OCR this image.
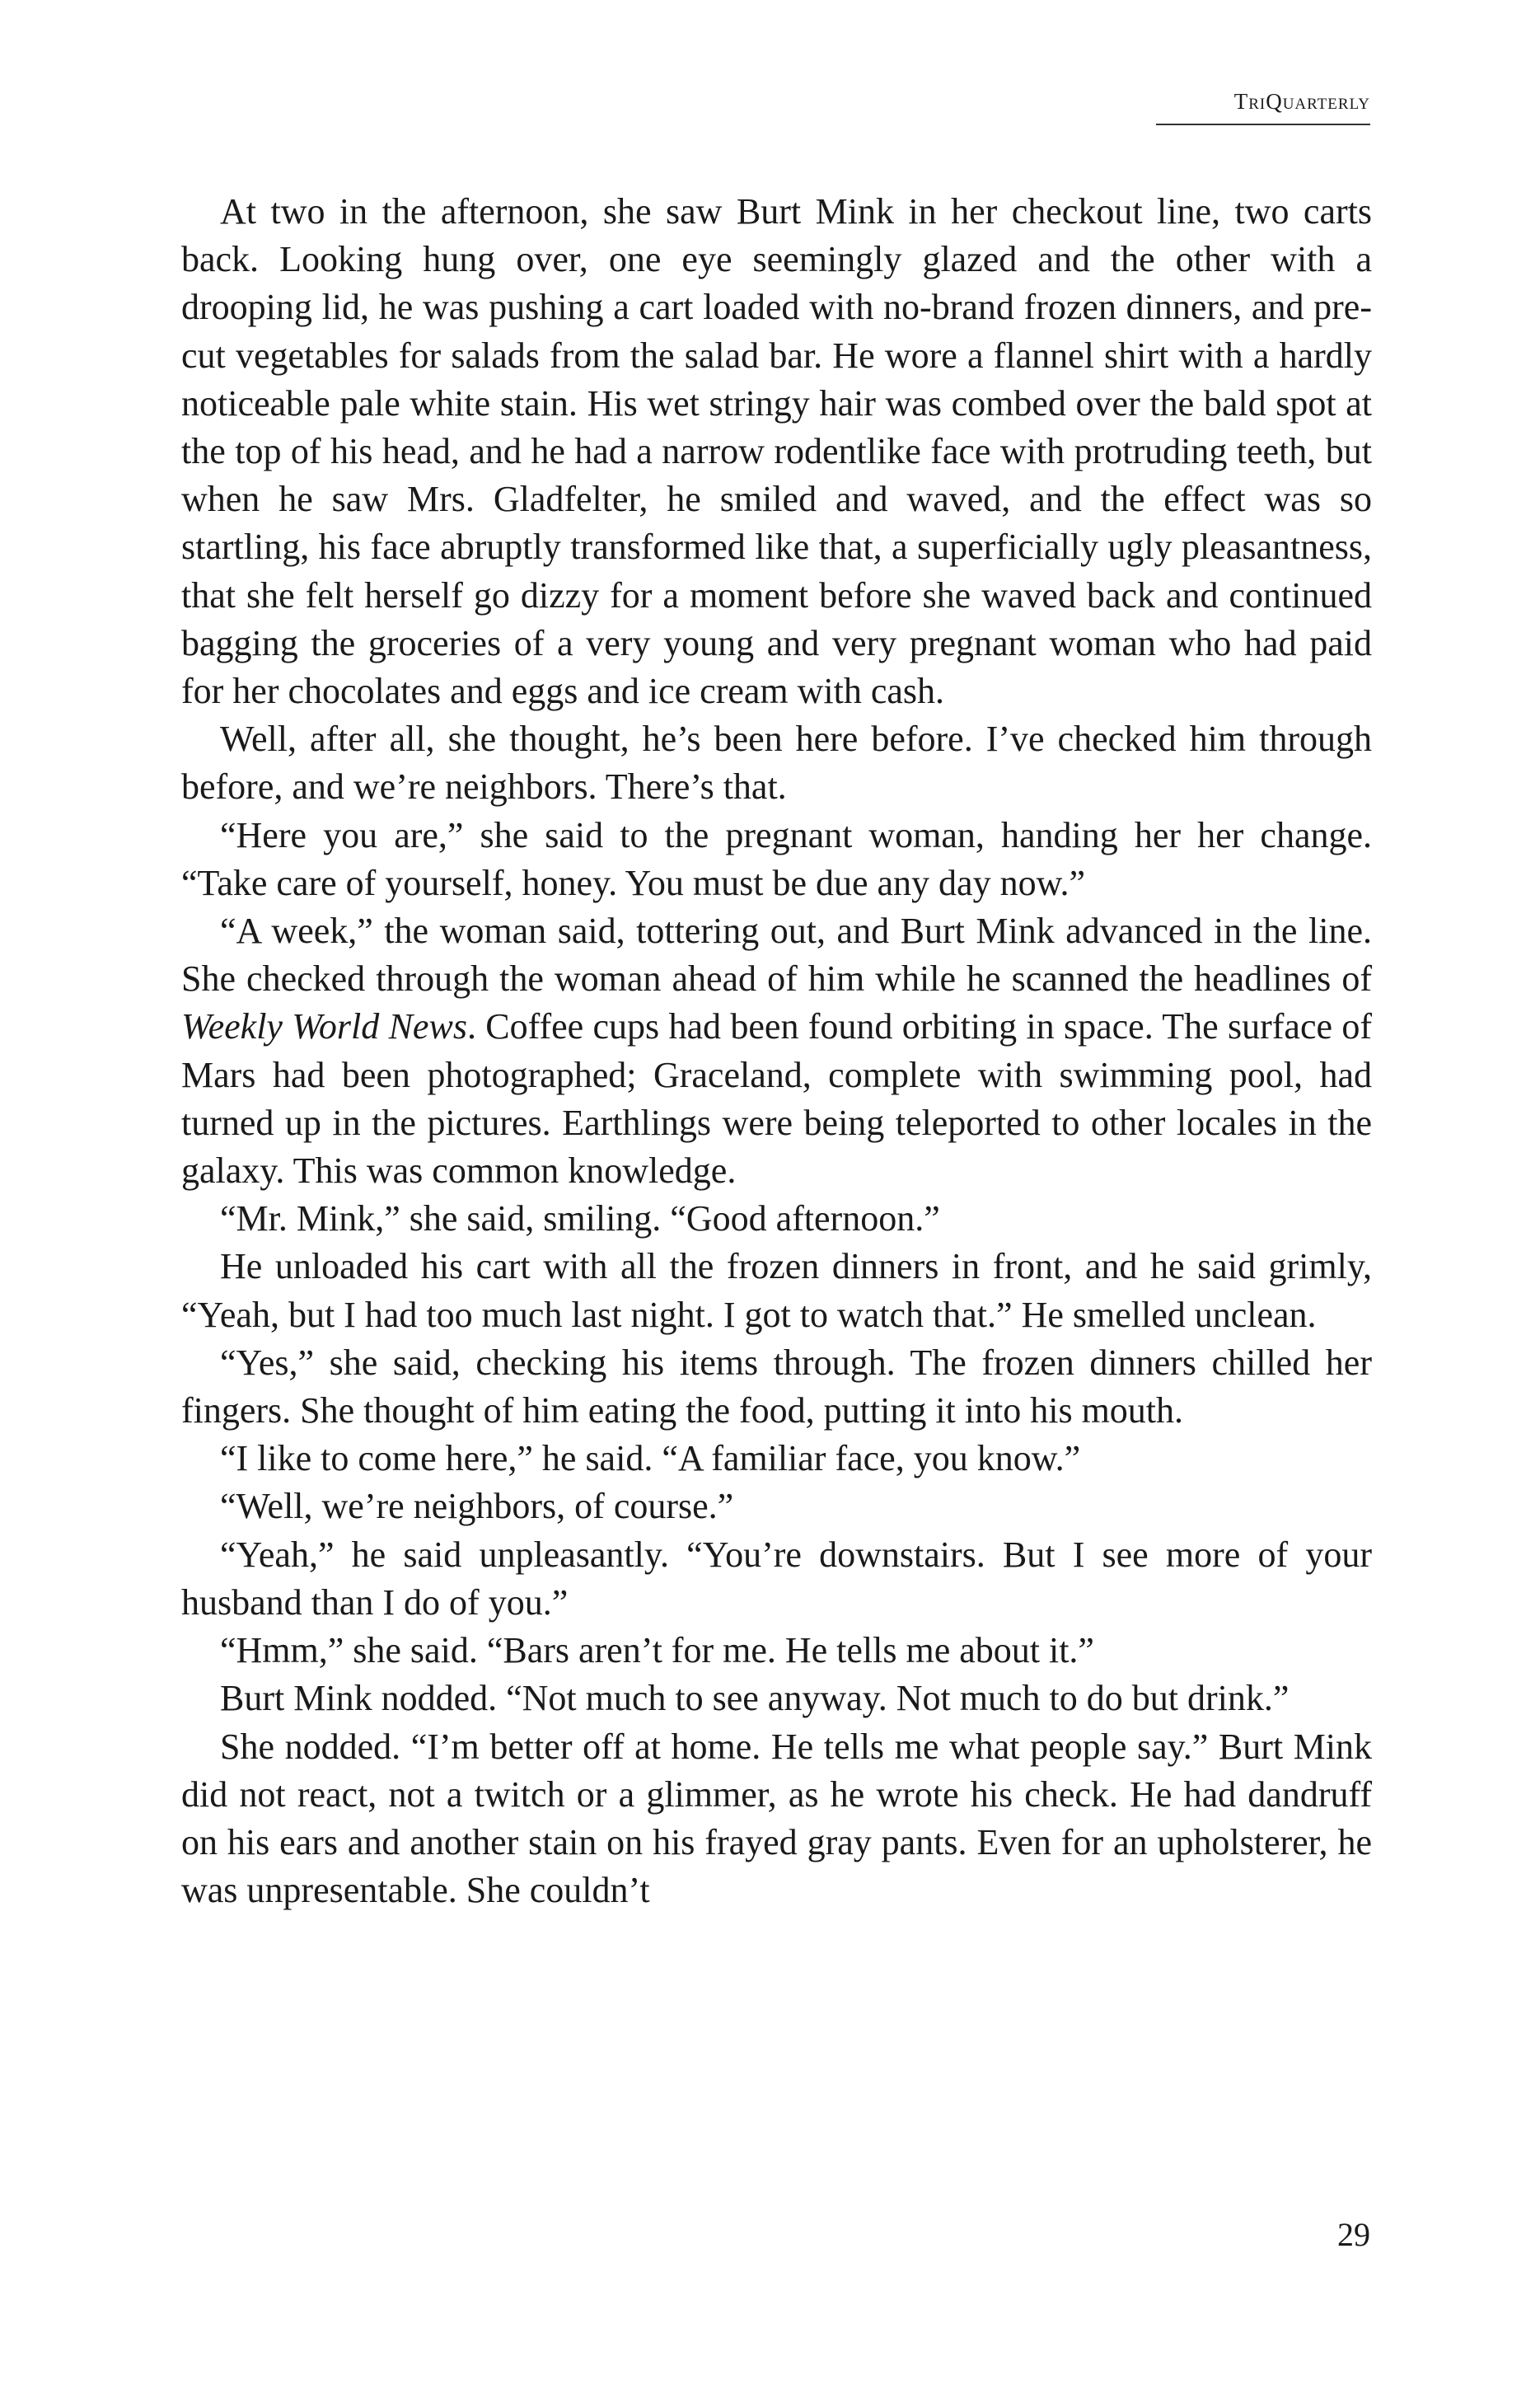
TriQuarterly

At two in the afternoon, she saw Burt Mink in her checkout line, two carts back. Looking hung over, one eye seemingly glazed and the other with a drooping lid, he was pushing a cart loaded with no-brand frozen dinners, and pre-cut vegetables for salads from the salad bar. He wore a flannel shirt with a hardly noticeable pale white stain. His wet stringy hair was combed over the bald spot at the top of his head, and he had a narrow rodentlike face with protruding teeth, but when he saw Mrs. Gladfelter, he smiled and waved, and the effect was so startling, his face abruptly transformed like that, a superficially ugly pleasantness, that she felt herself go dizzy for a moment before she waved back and continued bagging the groceries of a very young and very pregnant woman who had paid for her chocolates and eggs and ice cream with cash.

Well, after all, she thought, he’s been here before. I’ve checked him through before, and we’re neighbors. There’s that.

“Here you are,” she said to the pregnant woman, handing her her change. “Take care of yourself, honey. You must be due any day now.”

“A week,” the woman said, tottering out, and Burt Mink advanced in the line. She checked through the woman ahead of him while he scanned the headlines of Weekly World News. Coffee cups had been found orbiting in space. The surface of Mars had been photographed; Graceland, complete with swimming pool, had turned up in the pictures. Earthlings were being teleported to other locales in the galaxy. This was common knowledge.

“Mr. Mink,” she said, smiling. “Good afternoon.”

He unloaded his cart with all the frozen dinners in front, and he said grimly, “Yeah, but I had too much last night. I got to watch that.” He smelled unclean.

“Yes,” she said, checking his items through. The frozen dinners chilled her fingers. She thought of him eating the food, putting it into his mouth.

“I like to come here,” he said. “A familiar face, you know.”

“Well, we’re neighbors, of course.”

“Yeah,” he said unpleasantly. “You’re downstairs. But I see more of your husband than I do of you.”

“Hmm,” she said. “Bars aren’t for me. He tells me about it.”

Burt Mink nodded. “Not much to see anyway. Not much to do but drink.”

She nodded. “I’m better off at home. He tells me what people say.” Burt Mink did not react, not a twitch or a glimmer, as he wrote his check. He had dandruff on his ears and another stain on his frayed gray pants. Even for an upholsterer, he was unpresentable. She couldn’t

29
